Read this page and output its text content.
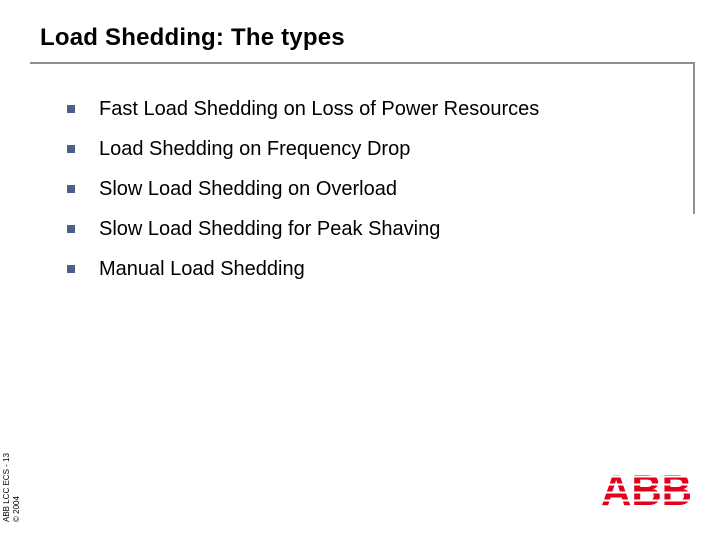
Load Shedding: The types
Fast Load Shedding on Loss of Power Resources
Load Shedding on Frequency Drop
Slow Load Shedding on Overload
Slow Load Shedding for Peak Shaving
Manual Load Shedding
ABB LCC ECS - 13 © 2004
